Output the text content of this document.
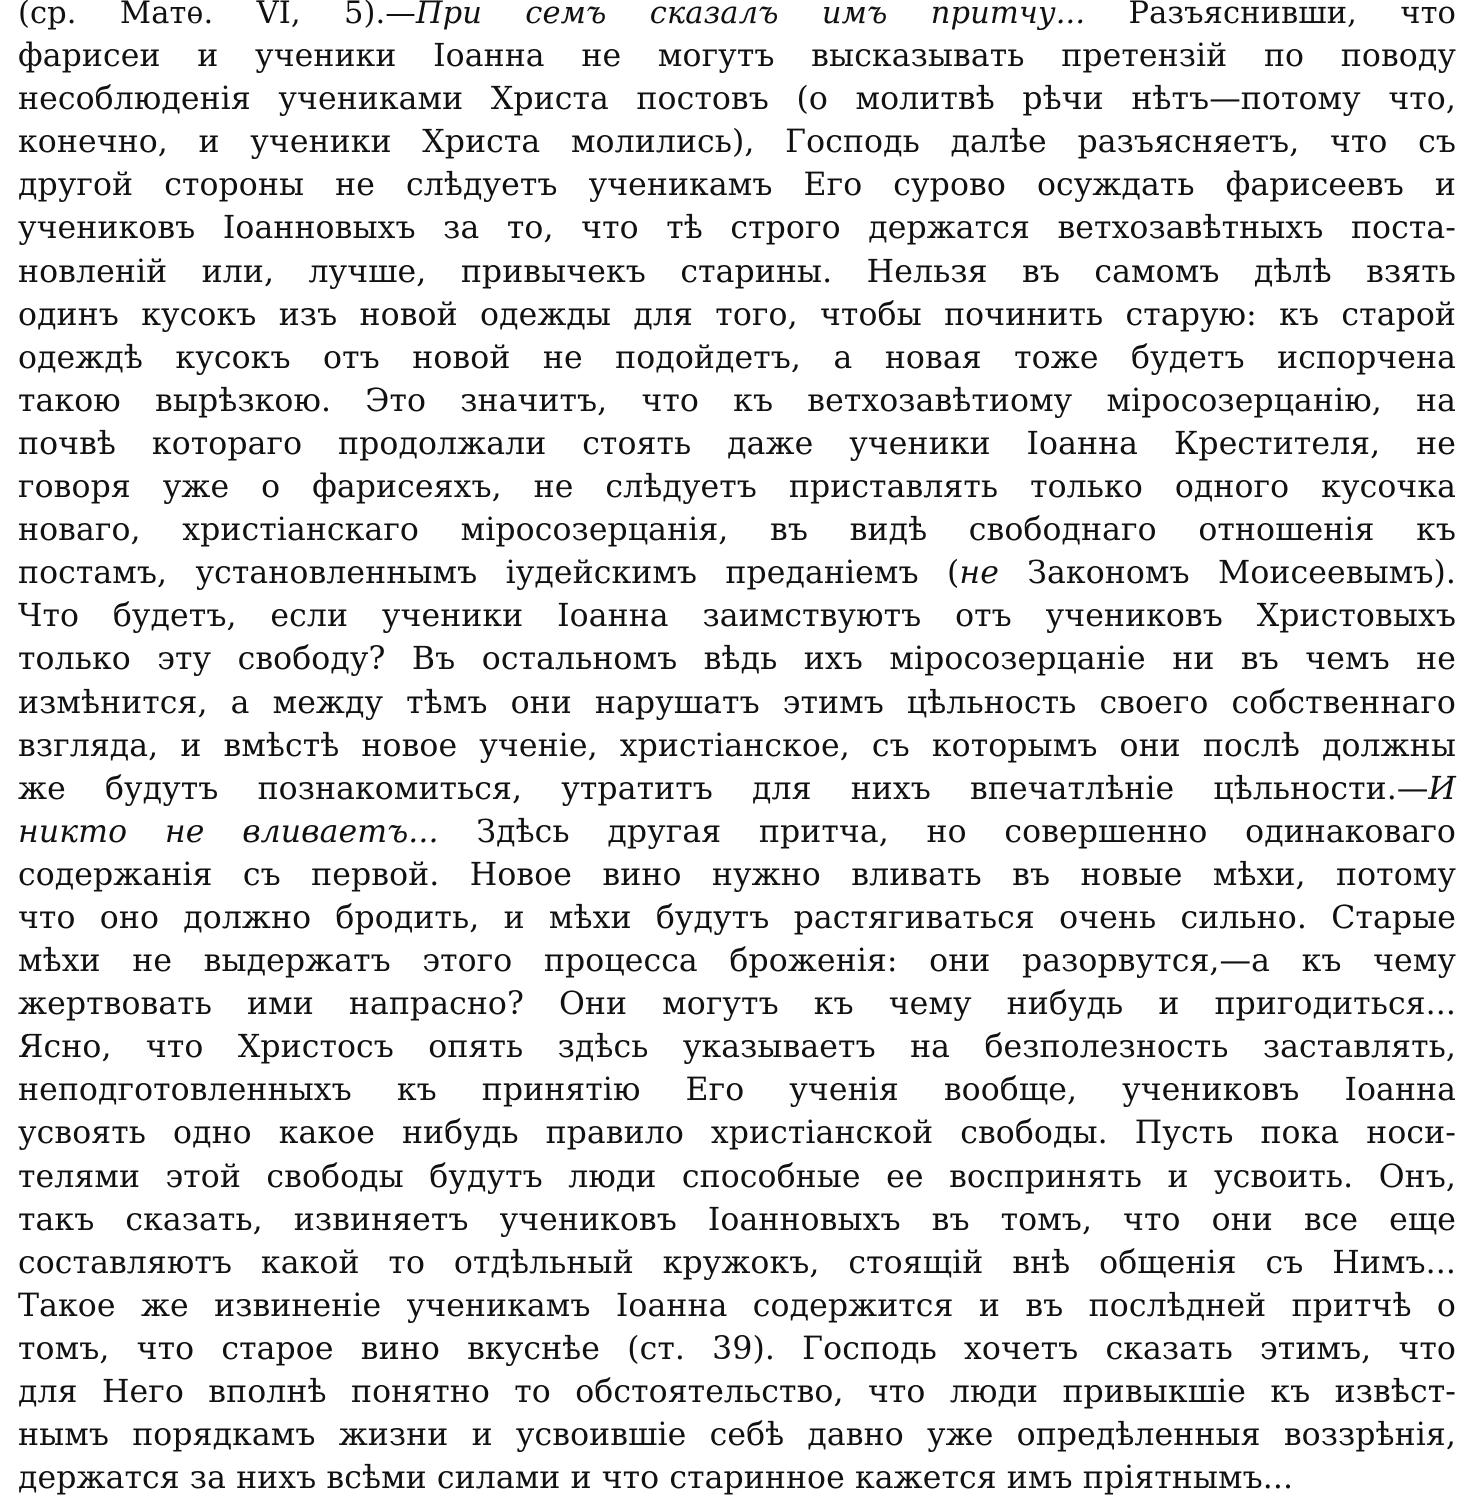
(ср. Матѳ. VI, 5).—При семъ сказалъ имъ притчу... Разъяснивши, что
фарисеи и ученики Іоанна не могутъ высказывать претензій по поводу
несоблюденія учениками Христа постовъ (о молитвѣ рѣчи нѣтъ—потому что,
конечно, и ученики Христа молились), Господь далѣе разъясняетъ, что съ
другой стороны не слѣдуетъ ученикамъ Его сурово осуждать фарисеевъ и
учениковъ Іоанновыхъ за то, что тѣ строго держатся ветхозавѣтныхъ поста-
новленій или, лучше, привычекъ старины. Нельзя въ самомъ дѣлѣ взять
одинъ кусокъ изъ новой одежды для того, чтобы починить старую: къ старой
одеждѣ кусокъ отъ новой не подойдетъ, а новая тоже будетъ испорчена
такою вырѣзкою. Это значитъ, что къ ветхозавѣтиому міросозерцанію, на
почвѣ котораго продолжали стоять даже ученики Іоанна Крестителя, не
говоря уже о фарисеяхъ, не слѣдуетъ приставлять только одного кусочка
новаго, христіанскаго міросозерцанія, въ видѣ свободнаго отношенія къ
постамъ, установленнымъ іудейскимъ преданіемъ (не Закономъ Моисеевымъ).
Что будетъ, если ученики Іоанна заимствуютъ отъ учениковъ Христовыхъ
только эту свободу? Въ остальномъ вѣдь ихъ міросозерцаніе ни въ чемъ не
измѣнится, а между тѣмъ они нарушатъ этимъ цѣльность своего собственнаго
взгляда, и вмѣстѣ новое ученіе, христіанское, съ которымъ они послѣ должны
же будутъ познакомиться, утратитъ для нихъ впечатлѣніе цѣльности.—И
никто не вливаетъ... Здѣсь другая притча, но совершенно одинаковаго
содержанія съ первой. Новое вино нужно вливать въ новые мѣхи, потому
что оно должно бродить, и мѣхи будутъ растягиваться очень сильно. Старые
мѣхи не выдержатъ этого процесса броженія: они разорвутся,—а къ чему
жертвовать ими напрасно? Они могутъ къ чему нибудь и пригодиться...
Ясно, что Христосъ опять здѣсь указываетъ на безполезность заставлять,
неподготовленныхъ къ принятію Его ученія вообще, учениковъ Іоанна
усвоять одно какое нибудь правило христіанской свободы. Пусть пока носи-
телями этой свободы будутъ люди способные ее воспринять и усвоить. Онъ,
такъ сказать, извиняетъ учениковъ Іоанновыхъ въ томъ, что они все еще
составляютъ какой то отдѣльный кружокъ, стоящій внѣ общенія съ Нимъ...
Такое же извиненіе ученикамъ Іоанна содержится и въ послѣдней притчѣ о
томъ, что старое вино вкуснѣе (ст. 39). Господь хочетъ сказать этимъ, что
для Него вполнѣ понятно то обстоятельство, что люди привыкшіе къ извѣст-
нымъ порядкамъ жизни и усвоившіе себѣ давно уже опредѣленныя воззрѣнія,
держатся за нихъ всѣми силами и что старинное кажется имъ пріятнымъ...
